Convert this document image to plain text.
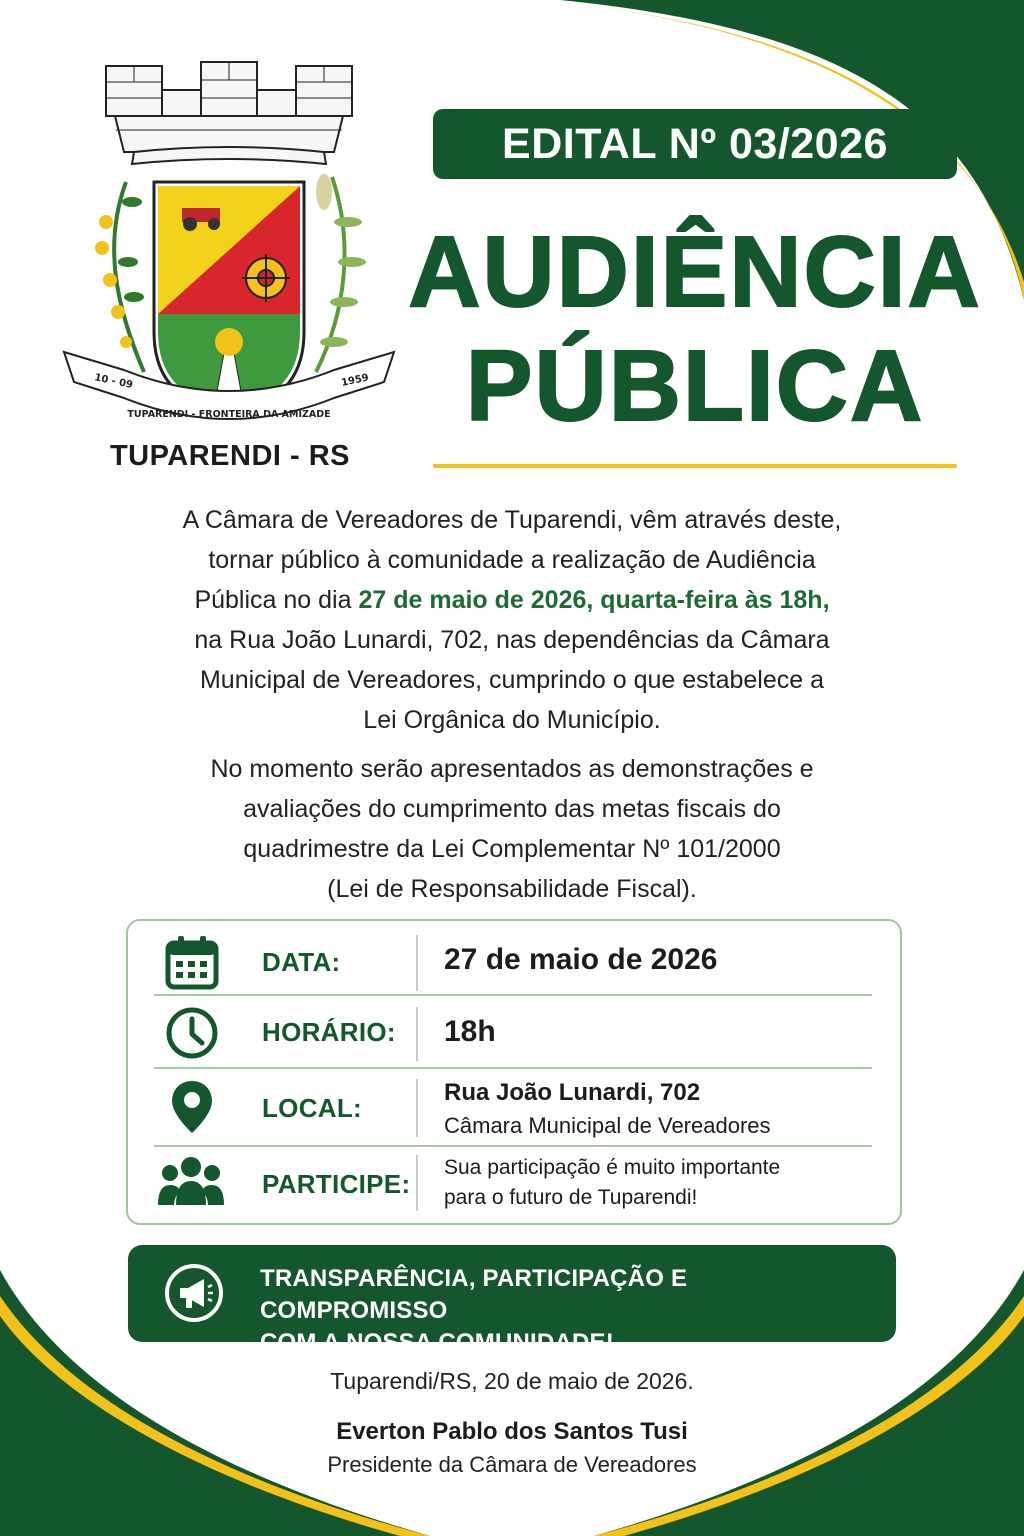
10 - 09
TUPARENDI - FRONTEIRA DA AMIZADE
1959
TUPARENDI - RS
EDITAL Nº 03/2026
AUDIÊNCIA
PÚBLICA
A Câmara de Vereadores de Tuparendi, vêm através deste,
tornar público à comunidade a realização de Audiência
Pública no dia 27 de maio de 2026, quarta-feira às 18h,
na Rua João Lunardi, 702, nas dependências da Câmara
Municipal de Vereadores, cumprindo o que estabelece a
Lei Orgânica do Município.
No momento serão apresentados as demonstrações e
avaliações do cumprimento das metas fiscais do
quadrimestre da Lei Complementar Nº 101/2000
(Lei de Responsabilidade Fiscal).
DATA:	27 de maio de 2026
HORÁRIO: 18h
LOCAL:
Rua João Lunardi, 702
Câmara Municipal de Vereadores
PARTICIPE:
Sua participação é muito importante
para o futuro de Tuparendi!
TRANSPARÊNCIA, PARTICIPAÇÃO E COMPROMISSO
COM A NOSSA COMUNIDADE!
Tuparendi/RS, 20 de maio de 2026.
Everton Pablo dos Santos Tusi
Presidente da Câmara de Vereadores
